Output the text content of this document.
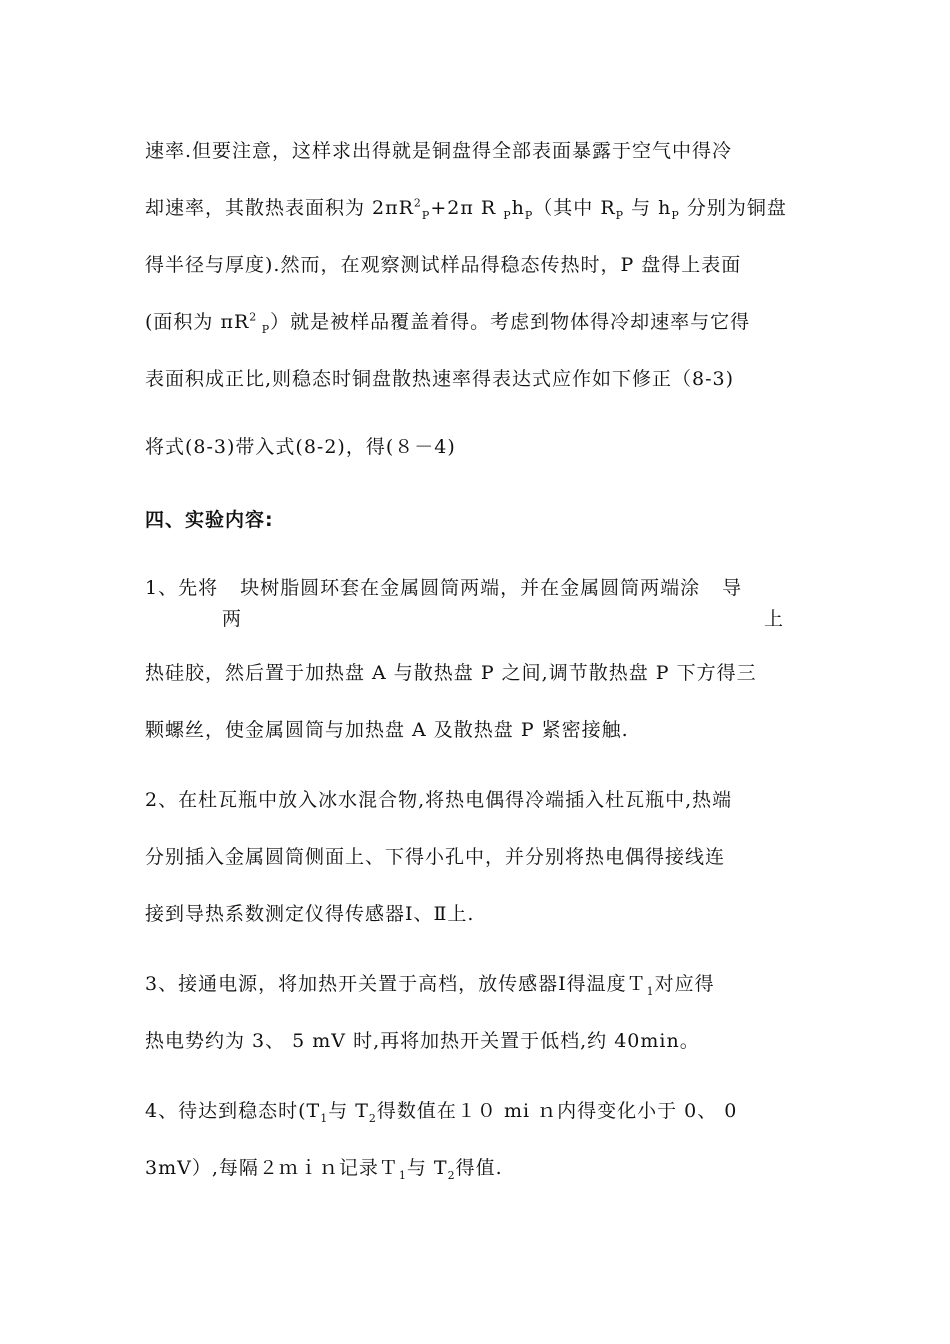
速率.但要注意，这样求出得就是铜盘得全部表面暴露于空气中得冷
却速率，其散热表面积为 $2\pi R^2_P+2\pi$ R $_Ph_P$（其中 $R_P$ 与 $h_P$ 分别为铜盘
得半径与厚度).然而，在观察测试样品得稳态传热时，P 盘得上表面
(面积为 $\pi R^2$ $_P$）就是被样品覆盖着得。考虑到物体得冷却速率与它得
表面积成正比,则稳态时铜盘散热速率得表达式应作如下修正（8-3)
将式(8-3)带入式(8-2)，得(８－4)
四、实验内容:
1、先将 块树脂圆环套在金属圆筒两端，并在金属圆筒两端涂 导
两	上
热硅胶，然后置于加热盘 A 与散热盘 P 之间,调节散热盘 P 下方得三
颗螺丝，使金属圆筒与加热盘 A 及散热盘 P 紧密接触.
2、在杜瓦瓶中放入冰水混合物,将热电偶得冷端插入杜瓦瓶中,热端
分别插入金属圆筒侧面上、下得小孔中，并分别将热电偶得接线连
接到导热系数测定仪得传感器Ⅰ、Ⅱ上.
3、接通电源，将加热开关置于高档，放传感器Ⅰ得温度Ｔ$_1$对应得
热电势约为 3、 5 mV 时,再将加热开关置于低档,约 40min。
4、待达到稳态时($T_1$与 $T_2$得数值在１０ mi ｎ内得变化小于 0、 0
3mV）,每隔２ｍｉｎ记录Ｔ$_1$与 $T_2$得值.
